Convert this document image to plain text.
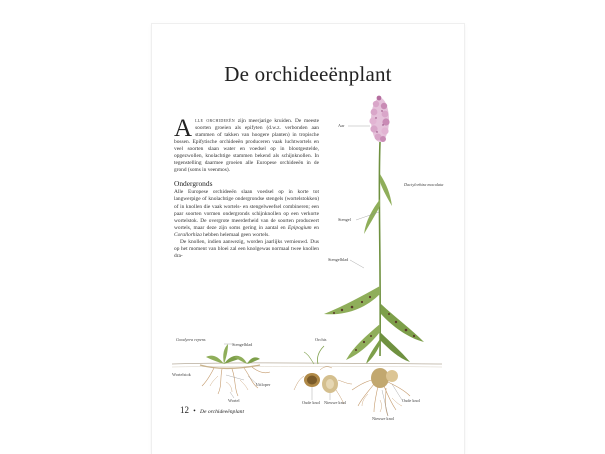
De orchideeënplant

Alle orchideeën zijn meerjarige kruiden. De meeste soorten groeien als epifyten (d.w.z. verbonden aan stammen of takken van hoogere planten) in tropische bossen. Epifytische orchideeën produceren vaak luchtwortels en veel soorten slaan water en voedsel op in blootgestelde, opgezwollen, knolachtige stammen bekend als schijnknollen. In tegenstelling daarmee groeien alle Europese orchideeën in de grond (soms in veenmos).

Ondergronds

Alle Europese orchideeën slaan voedsel op in korte tot langwerpige of knolachtige ondergrondse stengels (wortelstokken) of in knollen die vaak wortels- en stengelweefsel combineren; een paar soorten vormen ondergronds schijnknollen op een verkorte wortelstok. De overgrote meerderheid van de soorten produceert wortels, maar deze zijn soms gering in aantal en Epipogium en Corallorhiza hebben helemaal geen wortels.

De knollen, indien aanwezig, worden jaarlijks vernieuwd. Dus op het moment van bloei zal een knolgewas normaal twee knollen dra-

Aar
Dactylorhiza maculata
Stengel
Stengelblad
Orchis
Goodyera repens
Stengelblad
Wortelstok
Uitloper
Wortel	Oude knol Nieuwe knol	Oude knol
Nieuwe knol
12 • De orchideeënplant
